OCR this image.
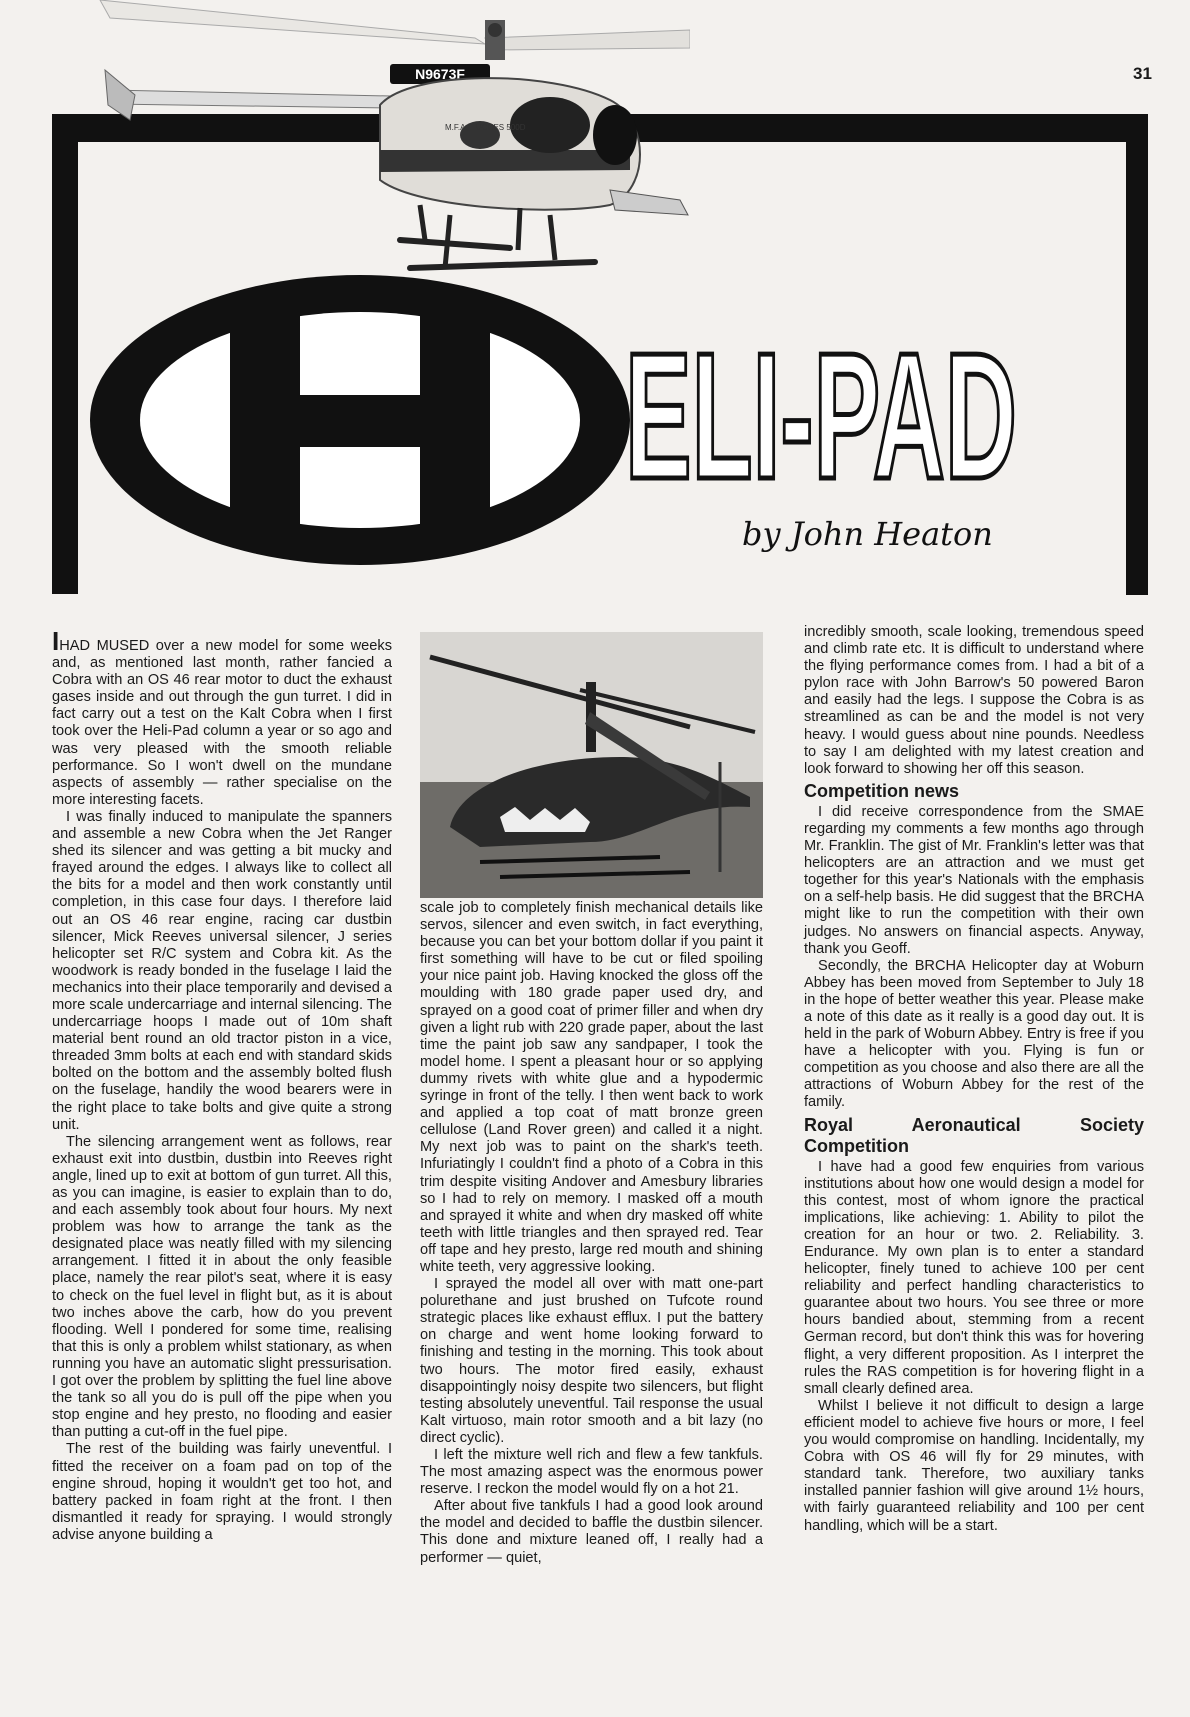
31
N9673F
M.F.A. HUGHES 500D
H ELI-PAD
by John Heaton

IHAD MUSED over a new model for some weeks and, as mentioned last month, rather fancied a Cobra with an OS 46 rear motor to duct the exhaust gases inside and out through the gun turret. I did in fact carry out a test on the Kalt Cobra when I first took over the Heli-Pad column a year or so ago and was very pleased with the smooth reliable performance. So I won't dwell on the mundane aspects of assembly — rather specialise on the more interesting facets.

I was finally induced to manipulate the spanners and assemble a new Cobra when the Jet Ranger shed its silencer and was getting a bit mucky and frayed around the edges. I always like to collect all the bits for a model and then work constantly until completion, in this case four days. I therefore laid out an OS 46 rear engine, racing car dustbin silencer, Mick Reeves universal silencer, J series helicopter set R/C system and Cobra kit. As the woodwork is ready bonded in the fuselage I laid the mechanics into their place temporarily and devised a more scale undercarriage and internal silencing. The undercarriage hoops I made out of 10m shaft material bent round an old tractor piston in a vice, threaded 3mm bolts at each end with standard skids bolted on the bottom and the assembly bolted flush on the fuselage, handily the wood bearers were in the right place to take bolts and give quite a strong unit.

The silencing arrangement went as follows, rear exhaust exit into dustbin, dustbin into Reeves right angle, lined up to exit at bottom of gun turret. All this, as you can imagine, is easier to explain than to do, and each assembly took about four hours. My next problem was how to arrange the tank as the designated place was neatly filled with my silencing arrangement. I fitted it in about the only feasible place, namely the rear pilot's seat, where it is easy to check on the fuel level in flight but, as it is about two inches above the carb, how do you prevent flooding. Well I pondered for some time, realising that this is only a problem whilst stationary, as when running you have an automatic slight pressurisation. I got over the problem by splitting the fuel line above the tank so all you do is pull off the pipe when you stop engine and hey presto, no flooding and easier than putting a cut-off in the fuel pipe.

The rest of the building was fairly uneventful. I fitted the receiver on a foam pad on top of the engine shroud, hoping it wouldn't get too hot, and battery packed in foam right at the front. I then dismantled it ready for spraying. I would strongly advise anyone building a

scale job to completely finish mechanical details like servos, silencer and even switch, in fact everything, because you can bet your bottom dollar if you paint it first something will have to be cut or filed spoiling your nice paint job. Having knocked the gloss off the moulding with 180 grade paper used dry, and sprayed on a good coat of primer filler and when dry given a light rub with 220 grade paper, about the last time the paint job saw any sandpaper, I took the model home. I spent a pleasant hour or so applying dummy rivets with white glue and a hypodermic syringe in front of the telly. I then went back to work and applied a top coat of matt bronze green cellulose (Land Rover green) and called it a night. My next job was to paint on the shark's teeth. Infuriatingly I couldn't find a photo of a Cobra in this trim despite visiting Andover and Amesbury libraries so I had to rely on memory. I masked off a mouth and sprayed it white and when dry masked off white teeth with little triangles and then sprayed red. Tear off tape and hey presto, large red mouth and shining white teeth, very aggressive looking.

I sprayed the model all over with matt one-part polurethane and just brushed on Tufcote round strategic places like exhaust efflux. I put the battery on charge and went home looking forward to finishing and testing in the morning. This took about two hours. The motor fired easily, exhaust disappointingly noisy despite two silencers, but flight testing absolutely uneventful. Tail response the usual Kalt virtuoso, main rotor smooth and a bit lazy (no direct cyclic).

I left the mixture well rich and flew a few tankfuls. The most amazing aspect was the enormous power reserve. I reckon the model would fly on a hot 21.

After about five tankfuls I had a good look around the model and decided to baffle the dustbin silencer. This done and mixture leaned off, I really had a performer — quiet,

incredibly smooth, scale looking, tremendous speed and climb rate etc. It is difficult to understand where the flying performance comes from. I had a bit of a pylon race with John Barrow's 50 powered Baron and easily had the legs. I suppose the Cobra is as streamlined as can be and the model is not very heavy. I would guess about nine pounds. Needless to say I am delighted with my latest creation and look forward to showing her off this season.

Competition news

I did receive correspondence from the SMAE regarding my comments a few months ago through Mr. Franklin. The gist of Mr. Franklin's letter was that helicopters are an attraction and we must get together for this year's Nationals with the emphasis on a self-help basis. He did suggest that the BRCHA might like to run the competition with their own judges. No answers on financial aspects. Anyway, thank you Geoff.

Secondly, the BRCHA Helicopter day at Woburn Abbey has been moved from September to July 18 in the hope of better weather this year. Please make a note of this date as it really is a good day out. It is held in the park of Woburn Abbey. Entry is free if you have a helicopter with you. Flying is fun or competition as you choose and also there are all the attractions of Woburn Abbey for the rest of the family.

Royal Aeronautical Society Competition

I have had a good few enquiries from various institutions about how one would design a model for this contest, most of whom ignore the practical implications, like achieving: 1. Ability to pilot the creation for an hour or two. 2. Reliability. 3. Endurance. My own plan is to enter a standard helicopter, finely tuned to achieve 100 per cent reliability and perfect handling characteristics to guarantee about two hours. You see three or more hours bandied about, stemming from a recent German record, but don't think this was for hovering flight, a very different proposition. As I interpret the rules the RAS competition is for hovering flight in a small clearly defined area.

Whilst I believe it not difficult to design a large efficient model to achieve five hours or more, I feel you would compromise on handling. Incidentally, my Cobra with OS 46 will fly for 29 minutes, with standard tank. Therefore, two auxiliary tanks installed pannier fashion will give around 1½ hours, with fairly guaranteed reliability and 100 per cent handling, which will be a start.
